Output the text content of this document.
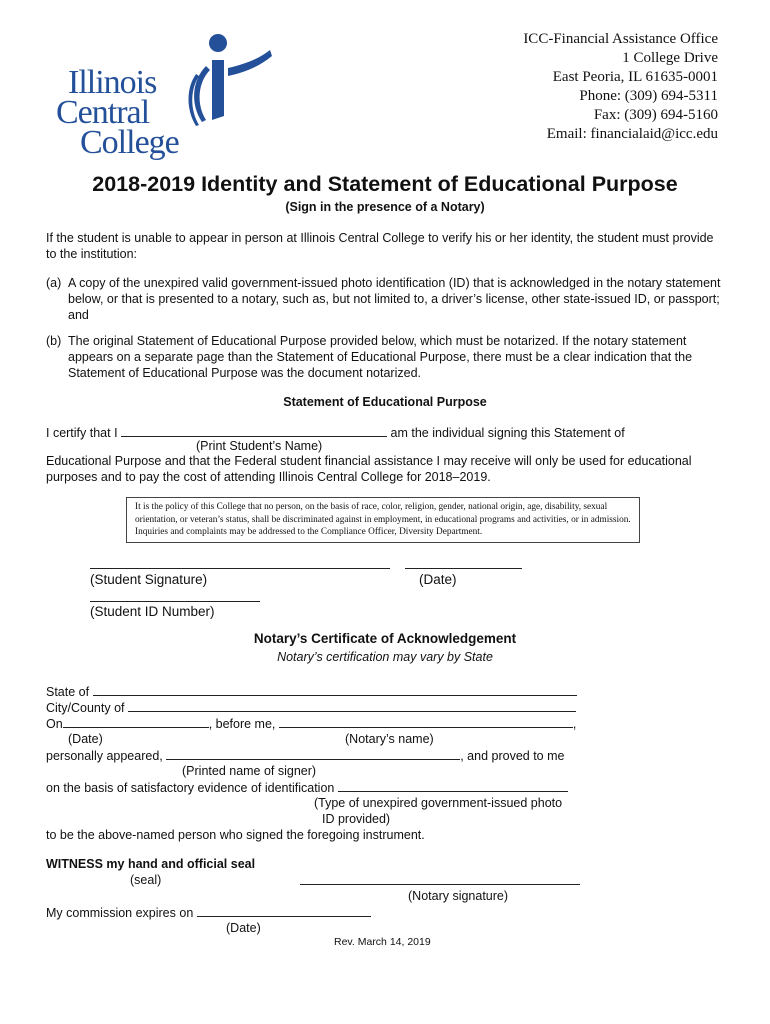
Illinois
Central
College
ICC-Financial Assistance Office
1 College Drive
East Peoria, IL 61635-0001
Phone: (309) 694-5311
Fax: (309) 694-5160
Email: financialaid@icc.edu
2018-2019 Identity and Statement of Educational Purpose
(Sign in the presence of a Notary)
If the student is unable to appear in person at Illinois Central College to verify his or her identity, the student must provide to the institution:
(a) A copy of the unexpired valid government-issued photo identification (ID) that is acknowledged in the notary statement below, or that is presented to a notary, such as, but not limited to, a driver’s license, other state-issued ID, or passport; and
(b) The original Statement of Educational Purpose provided below, which must be notarized. If the notary statement appears on a separate page than the Statement of Educational Purpose, there must be a clear indication that the Statement of Educational Purpose was the document notarized.
Statement of Educational Purpose
I certify that I	am the individual signing this Statement of
(Print Student’s Name)
Educational Purpose and that the Federal student financial assistance I may receive will only be used for educational purposes and to pay the cost of attending Illinois Central College for 2018–2019.
It is the policy of this College that no person, on the basis of race, color, religion, gender, national origin, age, disability, sexual orientation, or veteran’s status, shall be discriminated against in employment, in educational programs and activities, or in admission. Inquiries and complaints may be addressed to the Compliance Officer, Diversity Department.
(Student Signature)	(Date)
(Student ID Number)
Notary’s Certificate of Acknowledgement
Notary’s certification may vary by State
State of
City/County of
On	, before me,	,
(Date)	(Notary’s name)
personally appeared,	, and proved to me
(Printed name of signer)
on the basis of satisfactory evidence of identification
(Type of unexpired government-issued photo
ID provided)
to be the above-named person who signed the foregoing instrument.
WITNESS my hand and official seal
(seal)
(Notary signature)
My commission expires on
(Date)
Rev. March 14, 2019
